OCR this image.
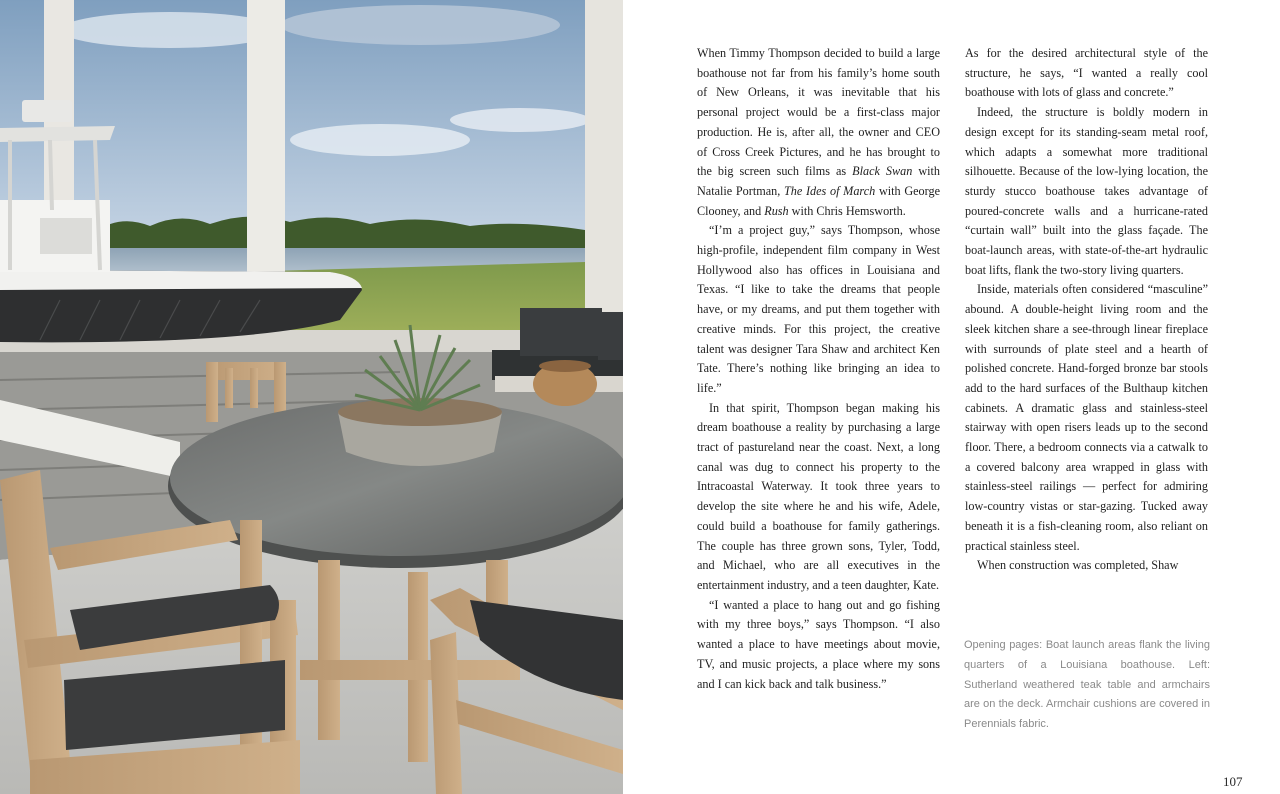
When Timmy Thompson decided to build a large boathouse not far from his family’s home south of New Orleans, it was inevitable that his personal project would be a first-class major production. He is, after all, the owner and CEO of Cross Creek Pictures, and he has brought to the big screen such films as Black Swan with Natalie Portman, The Ides of March with George Clooney, and Rush with Chris Hemsworth.

“I’m a project guy,” says Thompson, whose high-profile, independent film company in West Hollywood also has offices in Louisiana and Texas. “I like to take the dreams that people have, or my dreams, and put them together with creative minds. For this project, the creative talent was designer Tara Shaw and architect Ken Tate. There’s nothing like bringing an idea to life.”

In that spirit, Thompson began making his dream boathouse a reality by purchasing a large tract of pastureland near the coast. Next, a long canal was dug to connect his property to the Intracoastal Waterway. It took three years to develop the site where he and his wife, Adele, could build a boathouse for family gatherings. The couple has three grown sons, Tyler, Todd, and Michael, who are all executives in the entertainment industry, and a teen daughter, Kate.

“I wanted a place to hang out and go fishing with my three boys,” says Thompson. “I also wanted a place to have meetings about movie, TV, and music projects, a place where my sons and I can kick back and talk business.”

As for the desired architectural style of the structure, he says, “I wanted a really cool boathouse with lots of glass and concrete.”

Indeed, the structure is boldly modern in design except for its standing-seam metal roof, which adapts a somewhat more traditional silhouette. Because of the low-lying location, the sturdy stucco boathouse takes advantage of poured-concrete walls and a hurricane-rated “curtain wall” built into the glass façade. The boat-launch areas, with state-of-the-art hydraulic boat lifts, flank the two-story living quarters.

Inside, materials often considered “masculine” abound. A double-height living room and the sleek kitchen share a see-through linear fireplace with surrounds of plate steel and a hearth of polished concrete. Hand-forged bronze bar stools add to the hard surfaces of the Bulthaup kitchen cabinets. A dramatic glass and stainless-steel stairway with open risers leads up to the second floor. There, a bedroom connects via a catwalk to a covered balcony area wrapped in glass with stainless-steel railings — perfect for admiring low-country vistas or star-gazing. Tucked away beneath it is a fish-cleaning room, also reliant on practical stainless steel.

When construction was completed, Shaw

Opening pages: Boat launch areas flank the living quarters of a Louisiana boathouse. Left: Sutherland weathered teak table and armchairs are on the deck. Armchair cushions are covered in Perennials fabric.
107
